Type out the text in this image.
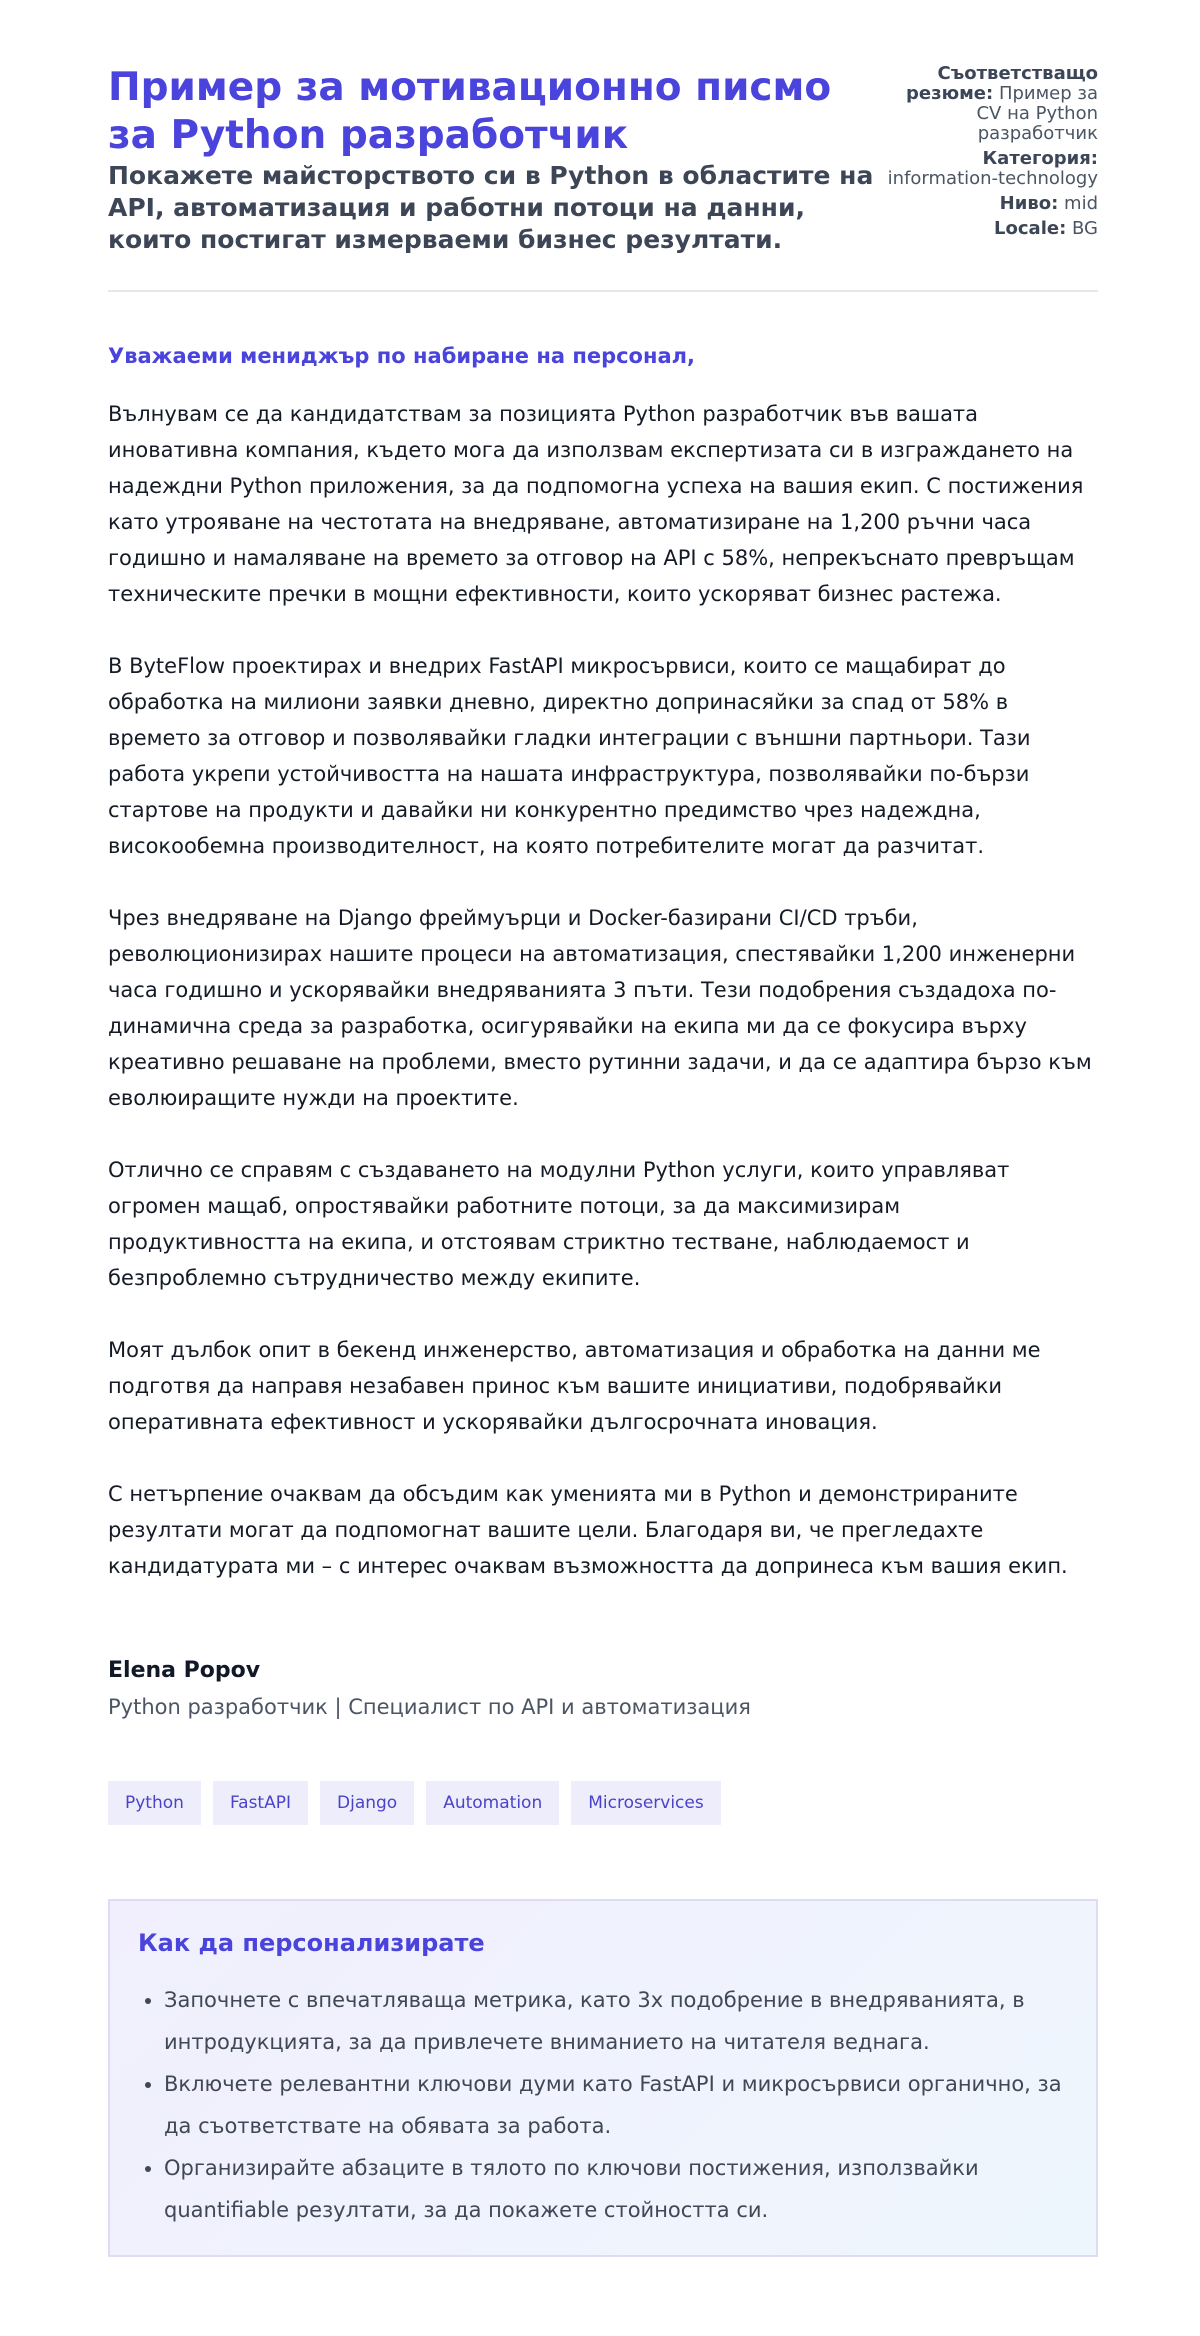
Пример за мотивационно писмо за Python разработчик

Покажете майсторството си в Python в областите на API, автоматизация и работни потоци на данни, които постигат измерваеми бизнес резултати.

Съответстващо резюме: Пример за CV на Python разработчик
Категория: information-technology
Ниво: mid
Locale: BG
Уважаеми мениджър по набиране на персонал,

Вълнувам се да кандидатствам за позицията Python разработчик във вашата иновативна компания, където мога да използвам експертизата си в изграждането на надеждни Python приложения, за да подпомогна успеха на вашия екип. С постижения като утрояване на честотата на внедряване, автоматизиране на 1,200 ръчни часа годишно и намаляване на времето за отговор на API с 58%, непрекъснато превръщам техническите пречки в мощни ефективности, които ускоряват бизнес растежа.

В ByteFlow проектирах и внедрих FastAPI микросървиси, които се мащабират до обработка на милиони заявки дневно, директно допринасяйки за спад от 58% в времето за отговор и позволявайки гладки интеграции с външни партньори. Тази работа укрепи устойчивостта на нашата инфраструктура, позволявайки по-бързи стартове на продукти и давайки ни конкурентно предимство чрез надеждна, високообемна производителност, на която потребителите могат да разчитат.

Чрез внедряване на Django фреймуърци и Docker-базирани CI/CD тръби, революционизирах нашите процеси на автоматизация, спестявайки 1,200 инженерни часа годишно и ускорявайки внедряванията 3 пъти. Тези подобрения създадоха по-динамична среда за разработка, осигурявайки на екипа ми да се фокусира върху креативно решаване на проблеми, вместо рутинни задачи, и да се адаптира бързо към еволюиращите нужди на проектите.

Отлично се справям с създаването на модулни Python услуги, които управляват огромен мащаб, опростявайки работните потоци, за да максимизирам продуктивността на екипа, и отстоявам стриктно тестване, наблюдаемост и безпроблемно сътрудничество между екипите.

Моят дълбок опит в бекенд инженерство, автоматизация и обработка на данни ме подготвя да направя незабавен принос към вашите инициативи, подобрявайки оперативната ефективност и ускорявайки дългосрочната иновация.

С нетърпение очаквам да обсъдим как уменията ми в Python и демонстрираните резултати могат да подпомогнат вашите цели. Благодаря ви, че прегледахте кандидатурата ми – с интерес очаквам възможността да допринеса към вашия екип.

Elena Popov
Python разработчик | Специалист по API и автоматизация
Python	FastAPI	Django	Automation	Microservices
Как да персонализирате
• Започнете с впечатляваща метрика, като 3x подобрение в внедряванията, в интродукцията, за да привлечете вниманието на читателя веднага.
• Включете релевантни ключови думи като FastAPI и микросървиси органично, за да съответствате на обявата за работа.
• Организирайте абзаците в тялото по ключови постижения, използвайки quantifiable резултати, за да покажете стойността си.
